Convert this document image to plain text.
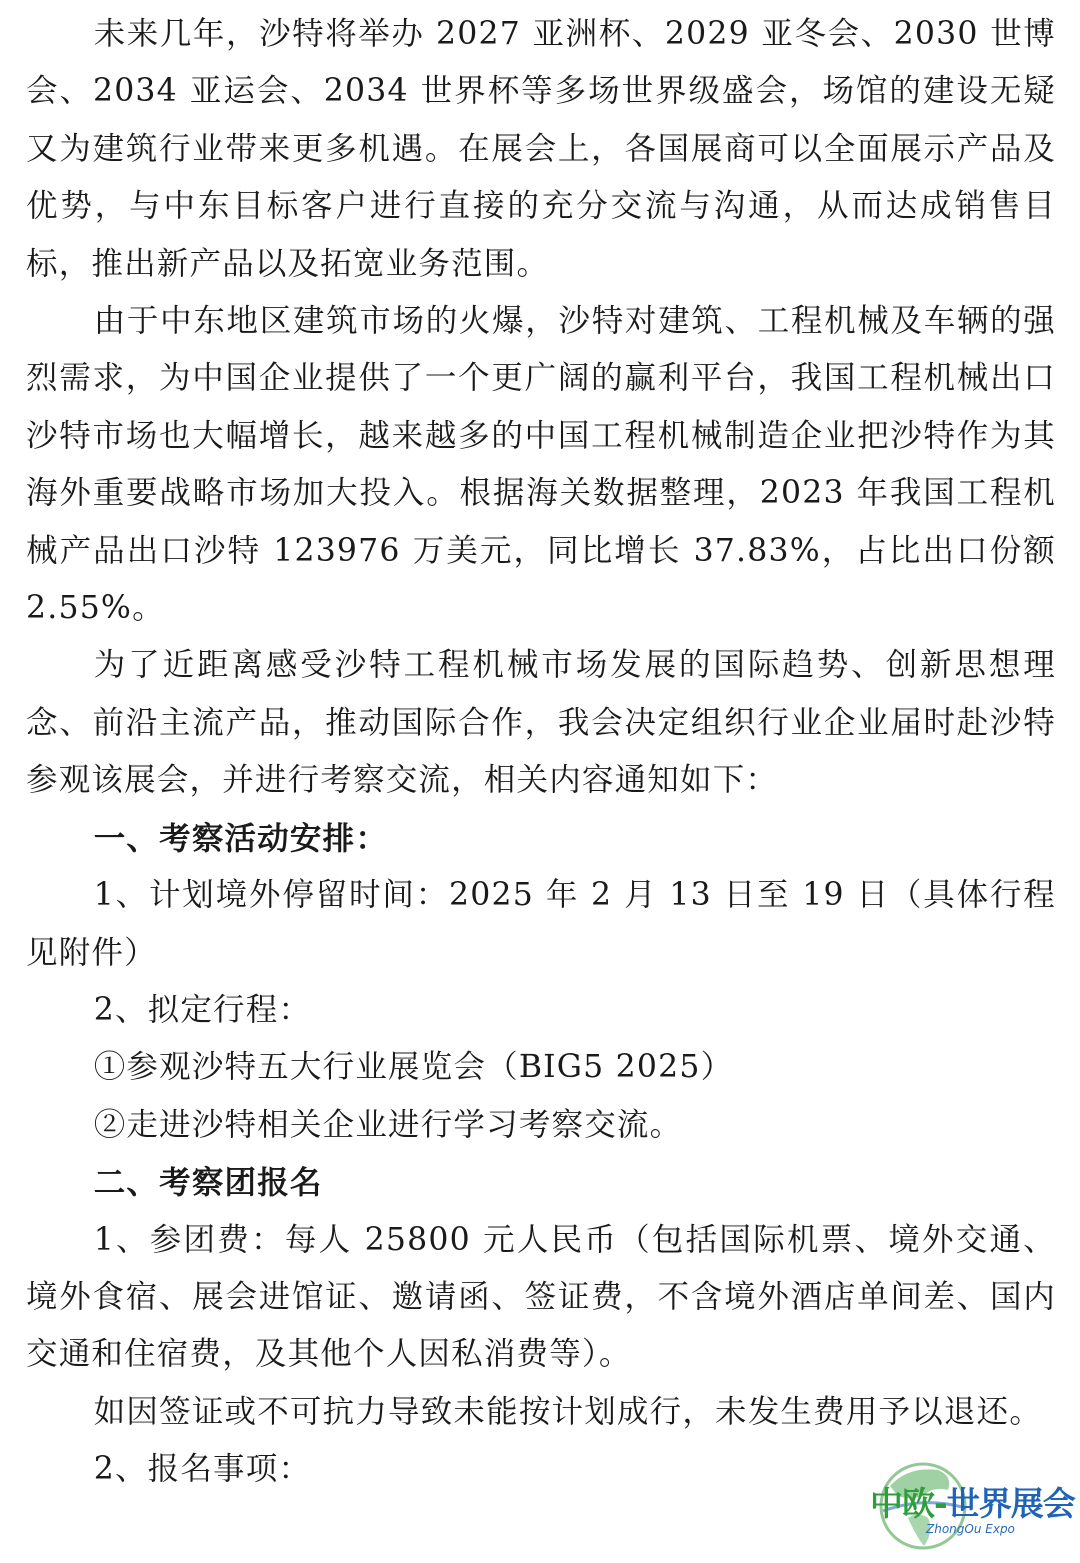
未来几年，沙特将举办 2027 亚洲杯、2029 亚冬会、2030 世博会、2034 亚运会、2034 世界杯等多场世界级盛会，场馆的建设无疑又为建筑行业带来更多机遇。在展会上，各国展商可以全面展示产品及优势，与中东目标客户进行直接的充分交流与沟通，从而达成销售目标，推出新产品以及拓宽业务范围。

由于中东地区建筑市场的火爆，沙特对建筑、工程机械及车辆的强烈需求，为中国企业提供了一个更广阔的赢利平台，我国工程机械出口沙特市场也大幅增长，越来越多的中国工程机械制造企业把沙特作为其海外重要战略市场加大投入。根据海关数据整理，2023 年我国工程机械产品出口沙特 123976 万美元，同比增长 37.83%，占比出口份额 2.55%。

为了近距离感受沙特工程机械市场发展的国际趋势、创新思想理念、前沿主流产品，推动国际合作，我会决定组织行业企业届时赴沙特参观该展会，并进行考察交流，相关内容通知如下：

一、考察活动安排：

1、计划境外停留时间：2025 年 2 月 13 日至 19 日（具体行程见附件）

2、拟定行程：

①参观沙特五大行业展览会（BIG5 2025）

②走进沙特相关企业进行学习考察交流。

二、考察团报名

1、参团费：每人 25800 元人民币（包括国际机票、境外交通、境外食宿、展会进馆证、邀请函、签证费，不含境外酒店单间差、国内交通和住宿费，及其他个人因私消费等）。

如因签证或不可抗力导致未能按计划成行，未发生费用予以退还。

2、报名事项：

中欧-世界展会
ZhongOu Expo
